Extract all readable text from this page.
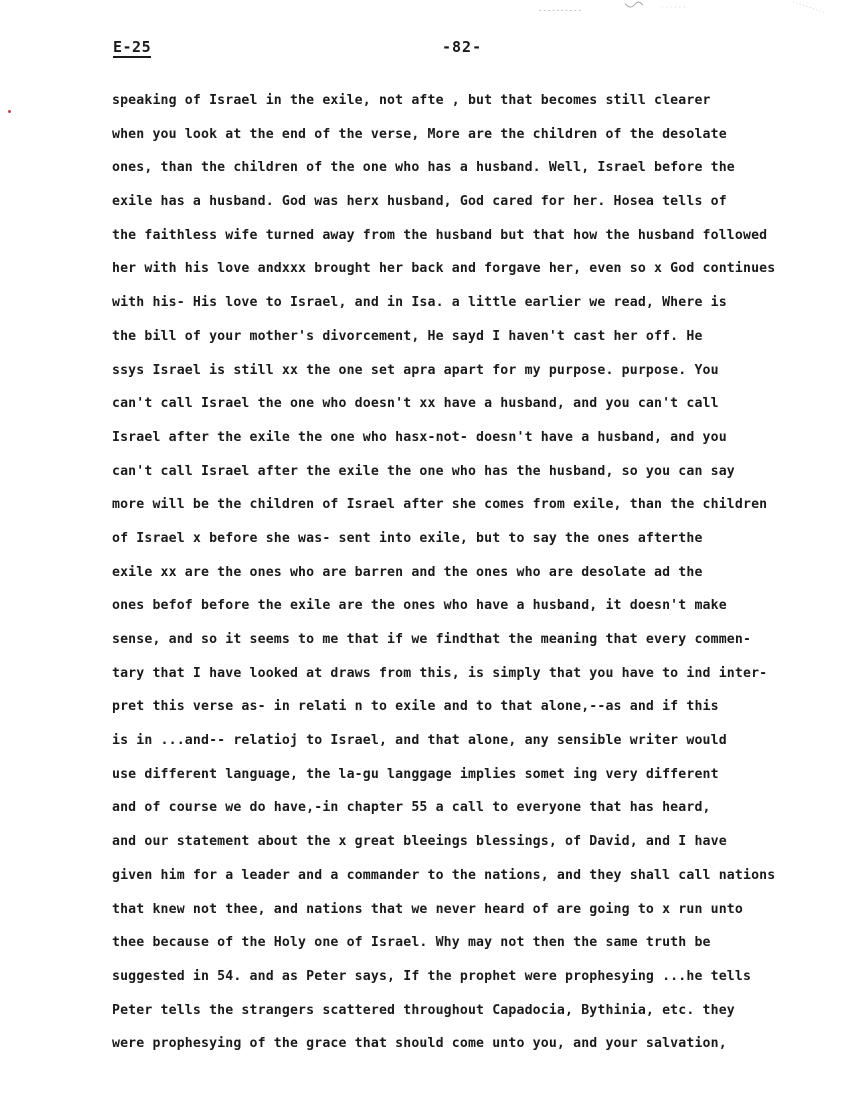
E-25	-82-
speaking of Israel in the exile, not afte , but that becomes still clearer
when you look at the end of the verse, More are the children of the desolate
ones, than the children of the one who has a husband. Well, Israel before the
exile has a husband. God was herx husband, God cared for her. Hosea tells of
the faithless wife turned away from the husband but that how the husband followed
her with his love andxxx brought her back and forgave her, even so x God continues
with his- His love to Israel, and in Isa. a little earlier we read, Where is
the bill of your mother's divorcement, He sayd I haven't cast her off. He
ssys Israel is still xx the one set apra apart for my purpose. purpose. You
can't call Israel the one who doesn't xx have a husband, and you can't call
Israel after the exile the one who hasx-not- doesn't have a husband, and you
can't call Israel after the exile the one who has the husband, so you can say
more will be the children of Israel after she comes from exile, than the children
of Israel x before she was- sent into exile, but to say the ones afterthe
exile xx are the ones who are barren and the ones who are desolate ad the
ones befof before the exile are the ones who have a husband, it doesn't make
sense, and so it seems to me that if we findthat the meaning that every commen-
tary that I have looked at draws from this, is simply that you have to ind inter-
pret this verse as- in relati n to exile and to that alone,--as and if this
is in ...and-- relatioj to Israel, and that alone, any sensible writer would
use different language, the la-gu langgage implies somet ing very different
and of course we do have,-in chapter 55 a call to everyone that has heard,
and our statement about the x great bleeings blessings, of David, and I have
given him for a leader and a commander to the nations, and they shall call nations
that knew not thee, and nations that we never heard of are going to x run unto
thee because of the Holy one of Israel. Why may not then the same truth be
suggested in 54. and as Peter says, If the prophet were prophesying ...he tells
Peter tells the strangers scattered throughout Capadocia, Bythinia, etc. they
were prophesying of the grace that should come unto you, and your salvation,
